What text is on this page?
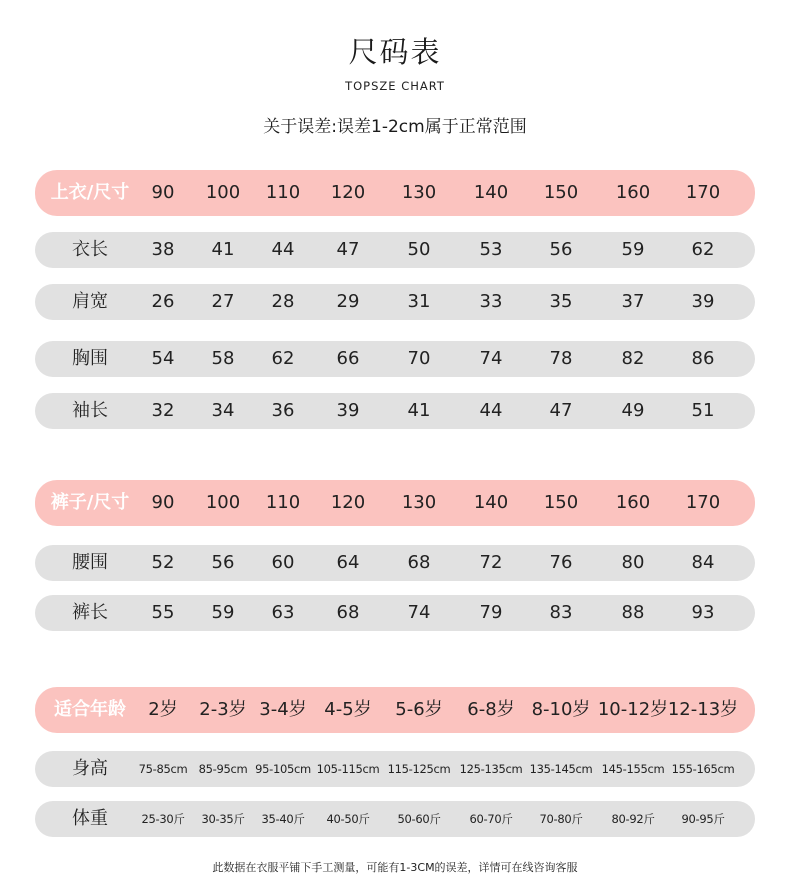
尺码表
TOPSZE CHART
关于误差:误差1-2cm属于正常范围
上衣/尺寸	90	100	110	120	130	140	150	160	170
衣长	38	41	44	47	50	53	56	59	62
肩宽	26	27	28	29	31	33	35	37	39
胸围	54	58	62	66	70	74	78	82	86
袖长	32	34	36	39	41	44	47	49	51
裤子/尺寸	90	100	110	120	130	140	150	160	170
腰围	52	56	60	64	68	72	76	80	84
裤长	55	59	63	68	74	79	83	88	93
适合年龄	2岁	2-3岁 3-4岁 4-5岁	5-6岁	6-8岁 8-10岁 10-12岁 12-13岁
身高	75-85cm 85-95cm 95-105cm 105-115cm 115-125cm 125-135cm 135-145cm 145-155cm 155-165cm
体重	25-30斤	30-35斤	35-40斤	40-50斤	50-60斤	60-70斤	70-80斤	80-92斤	90-95斤
此数据在衣服平铺下手工测量，可能有1-3CM的误差，详情可在线咨询客服
